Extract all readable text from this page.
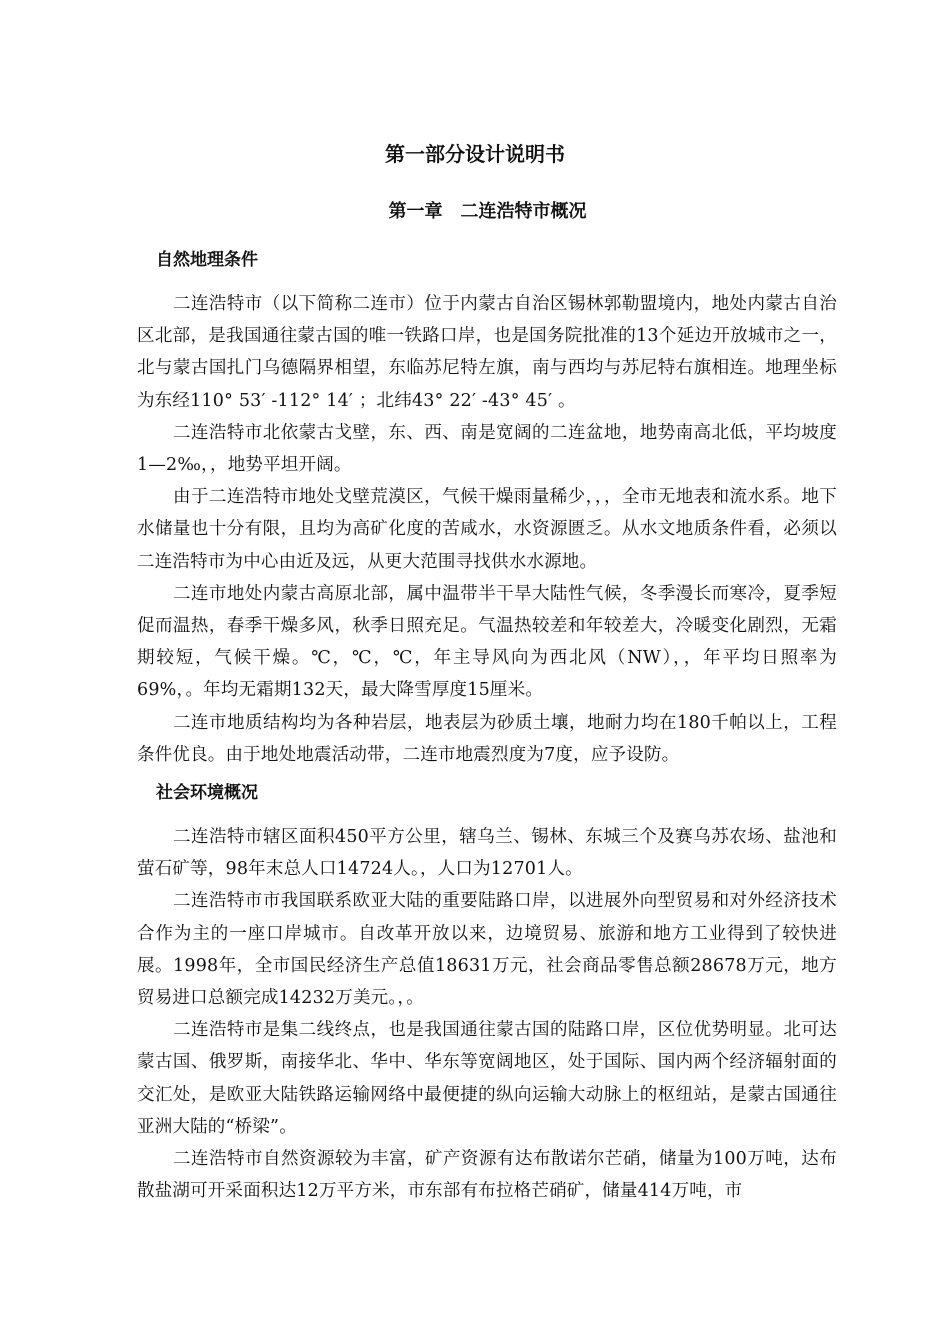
第一部分设计说明书
第一章　二连浩特市概况
自然地理条件

二连浩特市（以下简称二连市）位于内蒙古自治区锡林郭勒盟境内，地处内蒙古自治区北部，是我国通往蒙古国的唯一铁路口岸，也是国务院批准的13个延边开放城市之一，北与蒙古国扎门乌德隔界相望，东临苏尼特左旗，南与西均与苏尼特右旗相连。地理坐标为东经110° 53′ -112° 14′ ；北纬43° 22′ -43° 45′ 。

二连浩特市北依蒙古戈壁，东、西、南是宽阔的二连盆地，地势南高北低，平均坡度1—2‰，，地势平坦开阔。

由于二连浩特市地处戈壁荒漠区，气候干燥雨量稀少，，，全市无地表和流水系。地下水储量也十分有限，且均为高矿化度的苦咸水，水资源匮乏。从水文地质条件看，必须以二连浩特市为中心由近及远，从更大范围寻找供水水源地。

二连市地处内蒙古高原北部，属中温带半干旱大陆性气候，冬季漫长而寒冷，夏季短促而温热，春季干燥多风，秋季日照充足。气温热较差和年较差大，冷暖变化剧烈，无霜期较短，气候干燥。℃，℃，℃，年主导风向为西北风（NW），，年平均日照率为69%，。年均无霜期132天，最大降雪厚度15厘米。

二连市地质结构均为各种岩层，地表层为砂质土壤，地耐力均在180千帕以上，工程条件优良。由于地处地震活动带，二连市地震烈度为7度，应予设防。

社会环境概况

二连浩特市辖区面积450平方公里，辖乌兰、锡林、东城三个及赛乌苏农场、盐池和萤石矿等，98年末总人口14724人。，人口为12701人。

二连浩特市市我国联系欧亚大陆的重要陆路口岸，以进展外向型贸易和对外经济技术合作为主的一座口岸城市。自改革开放以来，边境贸易、旅游和地方工业得到了较快进展。1998年，全市国民经济生产总值18631万元，社会商品零售总额28678万元，地方贸易进口总额完成14232万美元。，。

二连浩特市是集二线终点，也是我国通往蒙古国的陆路口岸，区位优势明显。北可达蒙古国、俄罗斯，南接华北、华中、华东等宽阔地区，处于国际、国内两个经济辐射面的交汇处，是欧亚大陆铁路运输网络中最便捷的纵向运输大动脉上的枢纽站，是蒙古国通往亚洲大陆的“桥梁”。

二连浩特市自然资源较为丰富，矿产资源有达布散诺尔芒硝，储量为100万吨，达布散盐湖可开采面积达12万平方米，市东部有布拉格芒硝矿，储量414万吨，市
